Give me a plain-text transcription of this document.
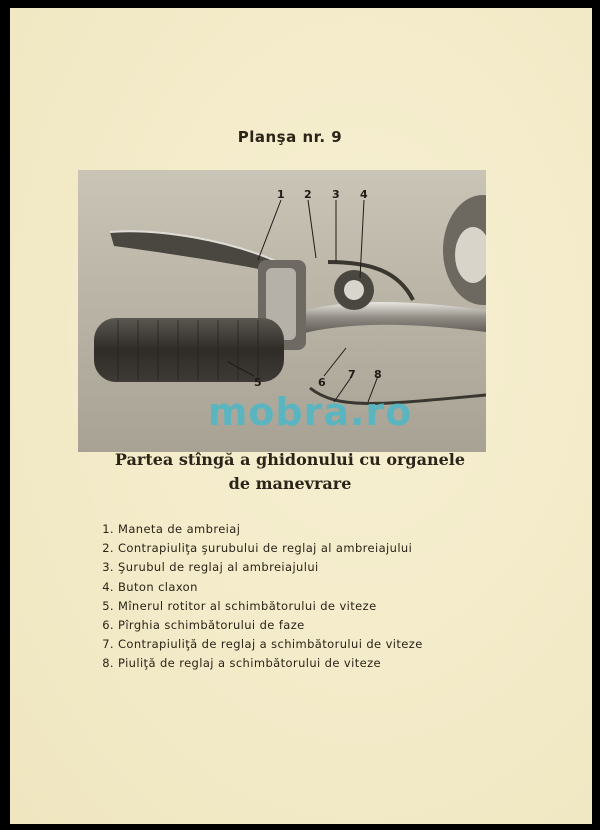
Planşa nr. 9
1 2 3 4
5	6
7 8
mobra.ro
Partea stîngă a ghidonului cu organele
de manevrare
1. Maneta de ambreiaj
2. Contrapiuliţa şurubului de reglaj al ambreiajului
3. Şurubul de reglaj al ambreiajului
4. Buton claxon
5. Mînerul rotitor al schimbătorului de viteze
6. Pîrghia schimbătorului de faze
7. Contrapiuliţă de reglaj a schimbătorului de viteze
8. Piuliţă de reglaj a schimbătorului de viteze
